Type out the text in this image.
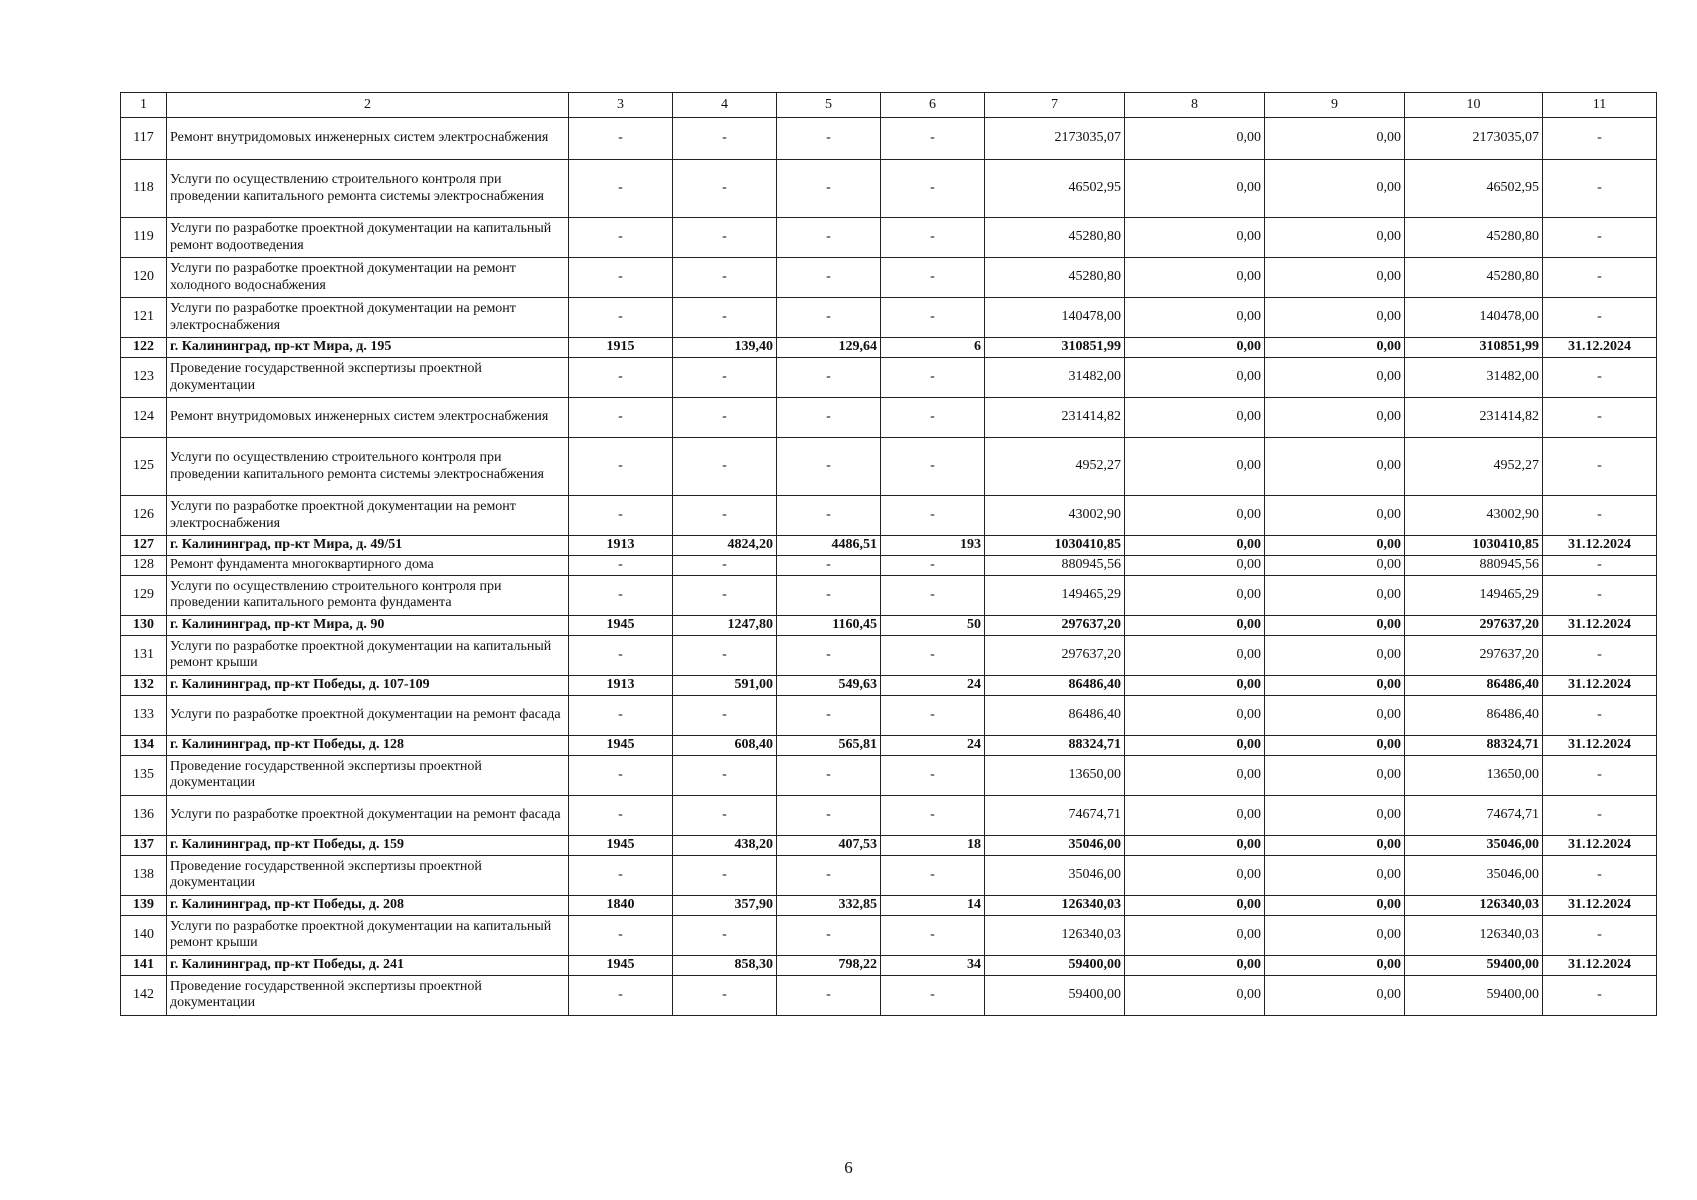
1	2	3	4	5	6	7	8	9	10	11
117	Ремонт внутридомовых инженерных систем электроснабжения	-	-	-	-	2173035,07	0,00	0,00	2173035,07	-
118	Услуги по осуществлению строительного контроля при проведении капитального ремонта системы электроснабжения	-	-	-	-	46502,95	0,00	0,00	46502,95	-
119	Услуги по разработке проектной документации на капитальный ремонт водоотведения	-	-	-	-	45280,80	0,00	0,00	45280,80	-
120	Услуги по разработке проектной документации на ремонт холодного водоснабжения	-	-	-	-	45280,80	0,00	0,00	45280,80	-
121	Услуги по разработке проектной документации на ремонт электроснабжения	-	-	-	-	140478,00	0,00	0,00	140478,00	-
122	г. Калининград, пр-кт Мира, д. 195	1915	139,40	129,64	6	310851,99	0,00	0,00	310851,99	31.12.2024
123	Проведение государственной экспертизы проектной документации	-	-	-	-	31482,00	0,00	0,00	31482,00	-
124	Ремонт внутридомовых инженерных систем электроснабжения	-	-	-	-	231414,82	0,00	0,00	231414,82	-
125	Услуги по осуществлению строительного контроля при проведении капитального ремонта системы электроснабжения	-	-	-	-	4952,27	0,00	0,00	4952,27	-
126	Услуги по разработке проектной документации на ремонт электроснабжения	-	-	-	-	43002,90	0,00	0,00	43002,90	-
127	г. Калининград, пр-кт Мира, д. 49/51	1913	4824,20	4486,51	193	1030410,85	0,00	0,00	1030410,85	31.12.2024
128	Ремонт фундамента многоквартирного дома	-	-	-	-	880945,56	0,00	0,00	880945,56	-
129	Услуги по осуществлению строительного контроля при проведении капитального ремонта фундамента	-	-	-	-	149465,29	0,00	0,00	149465,29	-
130	г. Калининград, пр-кт Мира, д. 90	1945	1247,80	1160,45	50	297637,20	0,00	0,00	297637,20	31.12.2024
131	Услуги по разработке проектной документации на капитальный ремонт крыши	-	-	-	-	297637,20	0,00	0,00	297637,20	-
132	г. Калининград, пр-кт Победы, д. 107-109	1913	591,00	549,63	24	86486,40	0,00	0,00	86486,40	31.12.2024
133	Услуги по разработке проектной документации на ремонт фасада	-	-	-	-	86486,40	0,00	0,00	86486,40	-
134	г. Калининград, пр-кт Победы, д. 128	1945	608,40	565,81	24	88324,71	0,00	0,00	88324,71	31.12.2024
135	Проведение государственной экспертизы проектной документации	-	-	-	-	13650,00	0,00	0,00	13650,00	-
136	Услуги по разработке проектной документации на ремонт фасада	-	-	-	-	74674,71	0,00	0,00	74674,71	-
137	г. Калининград, пр-кт Победы, д. 159	1945	438,20	407,53	18	35046,00	0,00	0,00	35046,00	31.12.2024
138	Проведение государственной экспертизы проектной документации	-	-	-	-	35046,00	0,00	0,00	35046,00	-
139	г. Калининград, пр-кт Победы, д. 208	1840	357,90	332,85	14	126340,03	0,00	0,00	126340,03	31.12.2024
140	Услуги по разработке проектной документации на капитальный ремонт крыши	-	-	-	-	126340,03	0,00	0,00	126340,03	-
141	г. Калининград, пр-кт Победы, д. 241	1945	858,30	798,22	34	59400,00	0,00	0,00	59400,00	31.12.2024
142	Проведение государственной экспертизы проектной документации	-	-	-	-	59400,00	0,00	0,00	59400,00	-
6
